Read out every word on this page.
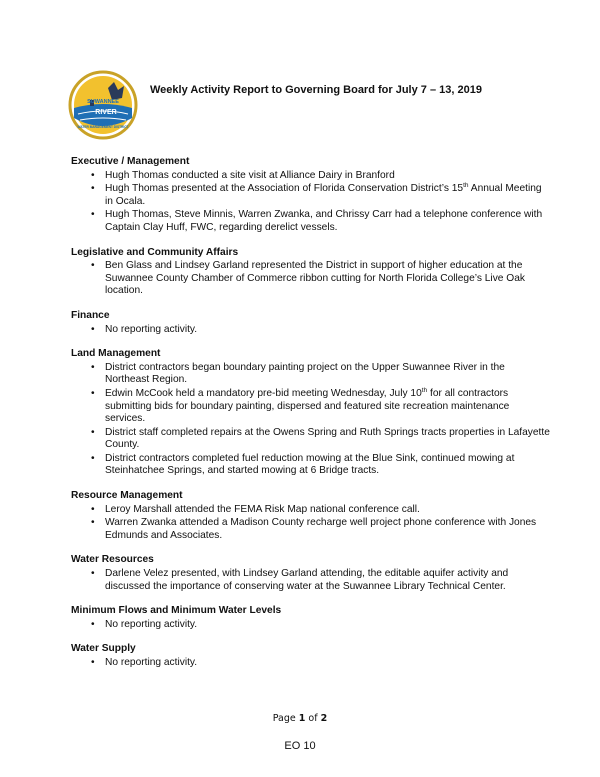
SUWANNEE
RIVER
WATER MANAGEMENT DISTRICT
Weekly Activity Report to Governing Board for July 7 – 13, 2019
Executive / Management
• Hugh Thomas conducted a site visit at Alliance Dairy in Branford
• Hugh Thomas presented at the Association of Florida Conservation District’s 15th Annual Meeting in Ocala.
• Hugh Thomas, Steve Minnis, Warren Zwanka, and Chrissy Carr had a telephone conference with Captain Clay Huff, FWC, regarding derelict vessels.
Legislative and Community Affairs
• Ben Glass and Lindsey Garland represented the District in support of higher education at the Suwannee County Chamber of Commerce ribbon cutting for North Florida College’s Live Oak location.
Finance
• No reporting activity.
Land Management
• District contractors began boundary painting project on the Upper Suwannee River in the Northeast Region.
• Edwin McCook held a mandatory pre-bid meeting Wednesday, July 10th for all contractors submitting bids for boundary painting, dispersed and featured site recreation maintenance services.
• District staff completed repairs at the Owens Spring and Ruth Springs tracts properties in Lafayette County.
• District contractors completed fuel reduction mowing at the Blue Sink, continued mowing at Steinhatchee Springs, and started mowing at 6 Bridge tracts.
Resource Management
• Leroy Marshall attended the FEMA Risk Map national conference call.
• Warren Zwanka attended a Madison County recharge well project phone conference with Jones Edmunds and Associates.
Water Resources
• Darlene Velez presented, with Lindsey Garland attending, the editable aquifer activity and discussed the importance of conserving water at the Suwannee Library Technical Center.
Minimum Flows and Minimum Water Levels
• No reporting activity.
Water Supply
• No reporting activity.
Page 1 of 2
EO 10
